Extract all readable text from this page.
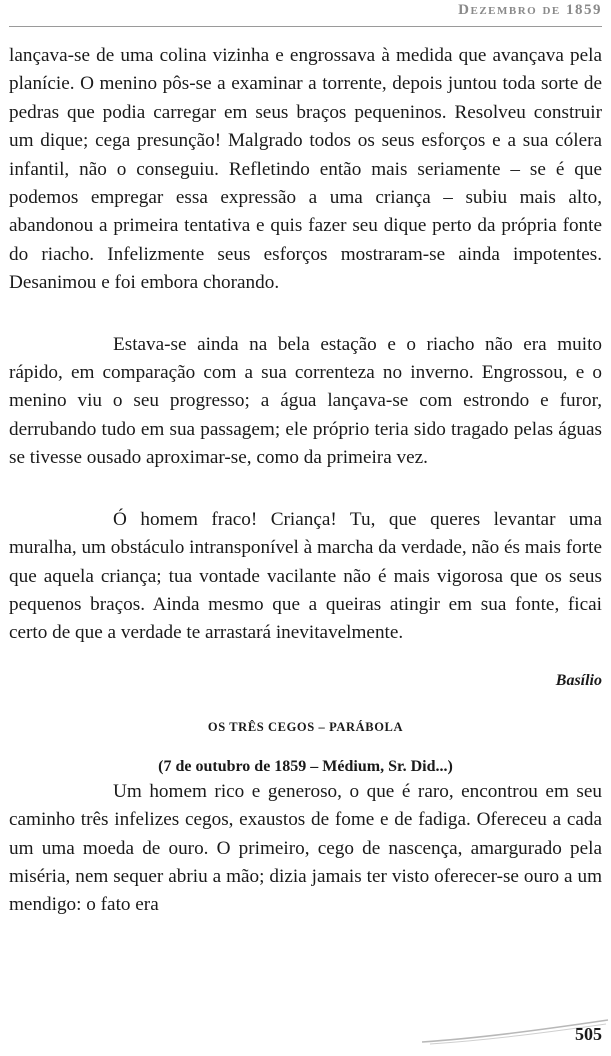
Dezembro de 1859

lançava-se de uma colina vizinha e engrossava à medida que avançava pela planície. O menino pôs-se a examinar a torrente, depois juntou toda sorte de pedras que podia carregar em seus braços pequeninos. Resolveu construir um dique; cega presunção! Malgrado todos os seus esforços e a sua cólera infantil, não o conseguiu. Refletindo então mais seriamente – se é que podemos empregar essa expressão a uma criança – subiu mais alto, abandonou a primeira tentativa e quis fazer seu dique perto da própria fonte do riacho. Infelizmente seus esforços mostraram-se ainda impotentes. Desanimou e foi embora chorando.

Estava-se ainda na bela estação e o riacho não era muito rápido, em comparação com a sua correnteza no inverno. Engrossou, e o menino viu o seu progresso; a água lançava-se com estrondo e furor, derrubando tudo em sua passagem; ele próprio teria sido tragado pelas águas se tivesse ousado aproximar-se, como da primeira vez.

Ó homem fraco! Criança! Tu, que queres levantar uma muralha, um obstáculo intransponível à marcha da verdade, não és mais forte que aquela criança; tua vontade vacilante não é mais vigorosa que os seus pequenos braços. Ainda mesmo que a queiras atingir em sua fonte, ficai certo de que a verdade te arrastará inevitavelmente.

Basílio
OS TRÊS CEGOS – PARÁBOLA
(7 de outubro de 1859 – Médium, Sr. Did...)

Um homem rico e generoso, o que é raro, encontrou em seu caminho três infelizes cegos, exaustos de fome e de fadiga. Ofereceu a cada um uma moeda de ouro. O primeiro, cego de nascença, amargurado pela miséria, nem sequer abriu a mão; dizia jamais ter visto oferecer-se ouro a um mendigo: o fato era

505
